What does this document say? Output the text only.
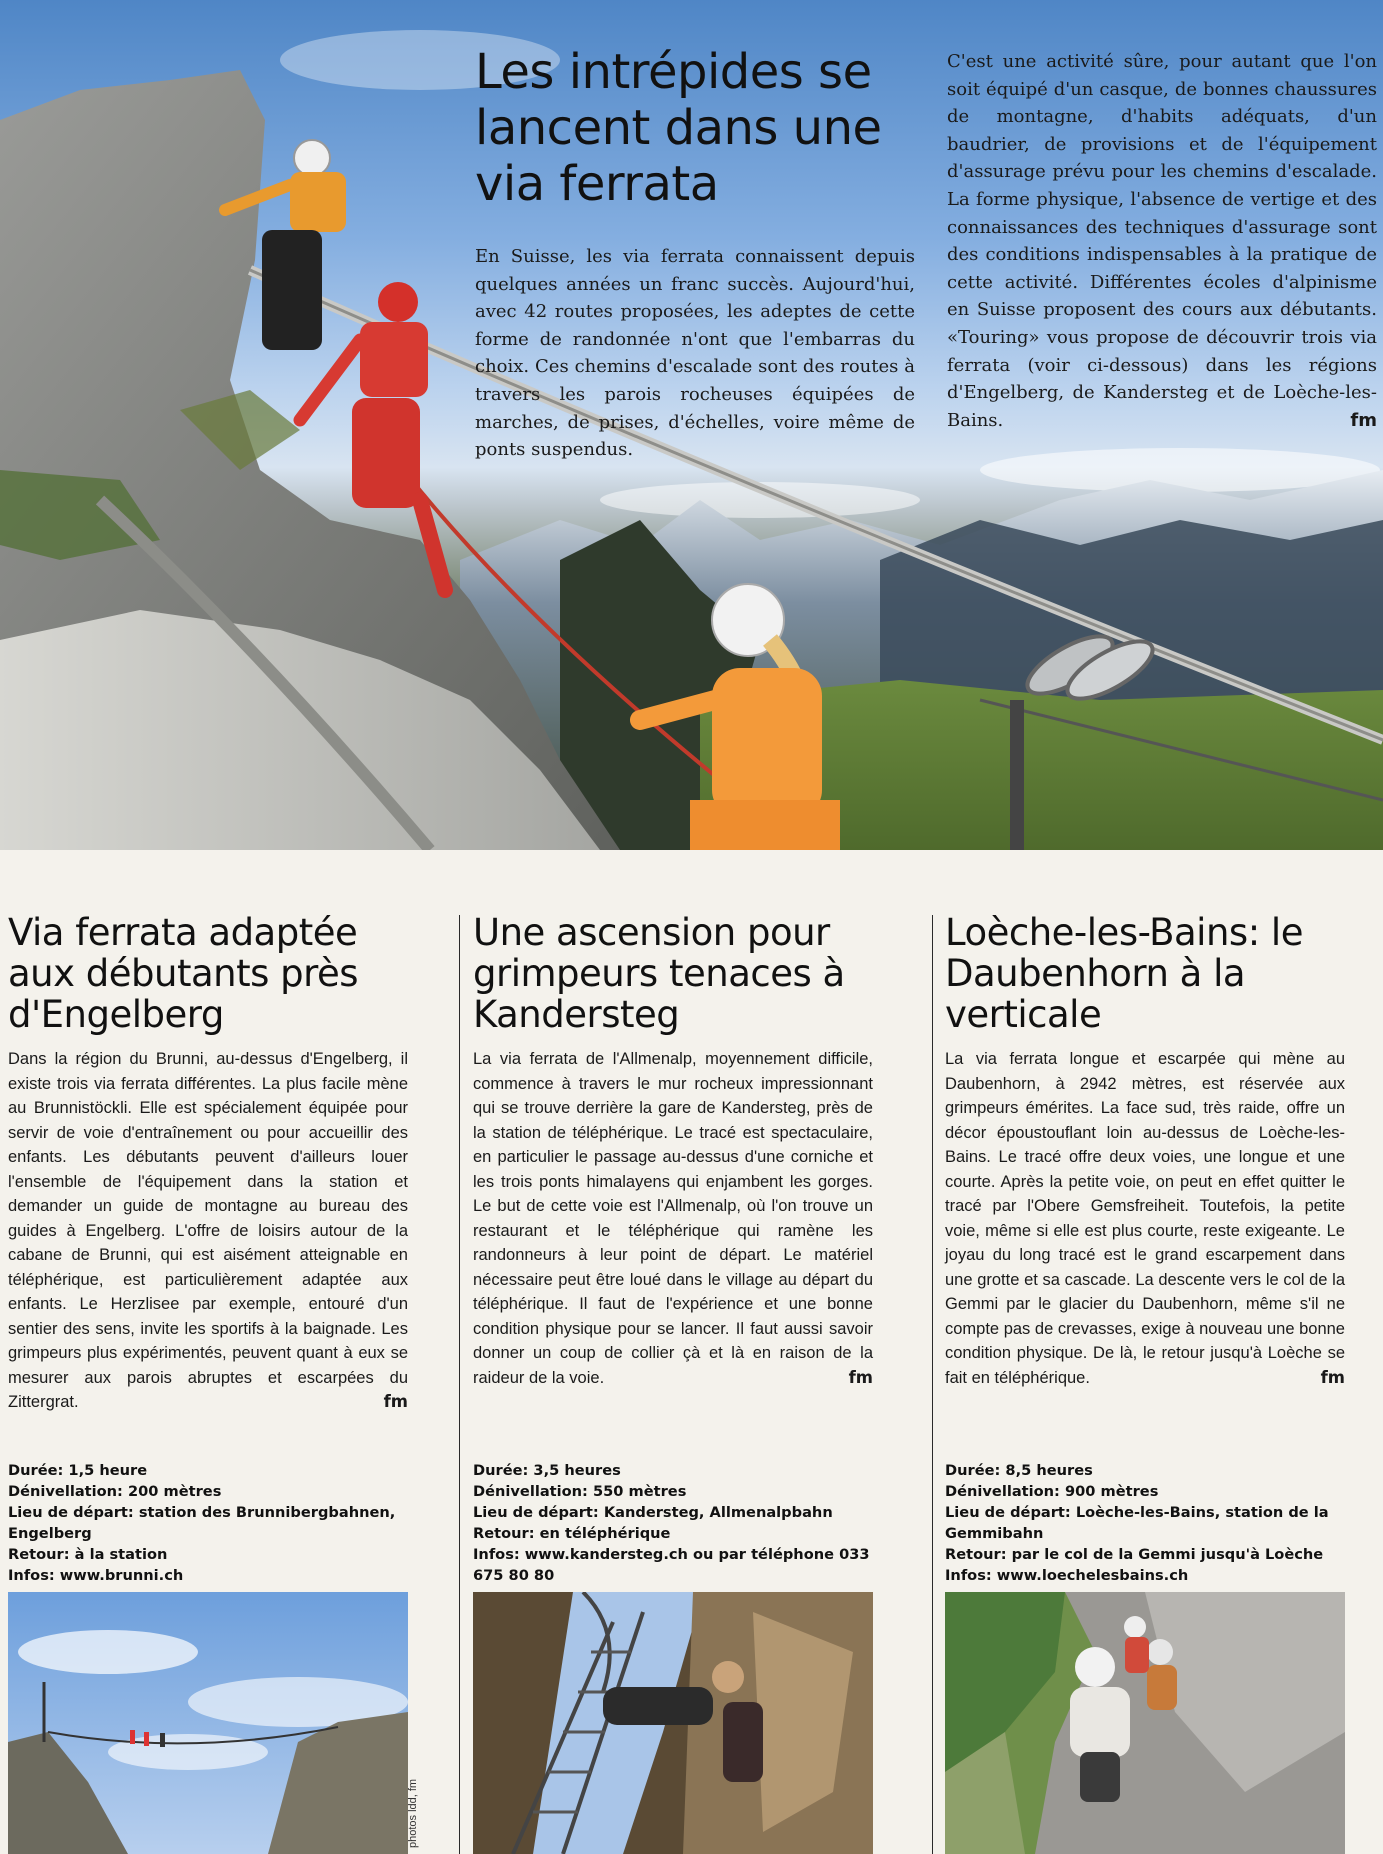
Les intrépides se lancent dans une via ferrata

En Suisse, les via ferrata connaissent depuis quelques années un franc succès. Aujourd'hui, avec 42 routes proposées, les adeptes de cette forme de randonnée n'ont que l'embarras du choix. Ces chemins d'escalade sont des routes à travers les parois rocheuses équipées de marches, de prises, d'échelles, voire même de ponts suspendus.

C'est une activité sûre, pour autant que l'on soit équipé d'un casque, de bonnes chaussures de montagne, d'habits adéquats, d'un baudrier, de provisions et de l'équipement d'assurage prévu pour les chemins d'escalade. La forme physique, l'absence de vertige et des connaissances des techniques d'assurage sont des conditions indispensables à la pratique de cette activité. Différentes écoles d'alpinisme en Suisse proposent des cours aux débutants. «Touring» vous propose de découvrir trois via ferrata (voir ci-dessous) dans les régions d'Engelberg, de Kandersteg et de Loèche-les-Bains.	fm

Via ferrata adaptée aux débutants près d'Engelberg

Dans la région du Brunni, au-dessus d'Engelberg, il existe trois via ferrata différentes. La plus facile mène au Brunnistöckli. Elle est spécialement équipée pour servir de voie d'entraînement ou pour accueillir des enfants. Les débutants peuvent d'ailleurs louer l'ensemble de l'équipement dans la station et demander un guide de montagne au bureau des guides à Engelberg. L'offre de loisirs autour de la cabane de Brunni, qui est aisément atteignable en téléphérique, est particulièrement adaptée aux enfants. Le Herzlisee par exemple, entouré d'un sentier des sens, invite les sportifs à la baignade. Les grimpeurs plus expérimentés, peuvent quant à eux se mesurer aux parois abruptes et escarpées du Zittergrat.	fm

Durée: 1,5 heure
Dénivellation: 200 mètres
Lieu de départ: station des Brunnibergbahnen, Engelberg
Retour: à la station
Infos: www.brunni.ch
Une ascension pour grimpeurs tenaces à Kandersteg

La via ferrata de l'Allmenalp, moyennement difficile, commence à travers le mur rocheux impressionnant qui se trouve derrière la gare de Kandersteg, près de la station de téléphérique. Le tracé est spectaculaire, en particulier le passage au-dessus d'une corniche et les trois ponts himalayens qui enjambent les gorges. Le but de cette voie est l'Allmenalp, où l'on trouve un restaurant et le téléphérique qui ramène les randonneurs à leur point de départ. Le matériel nécessaire peut être loué dans le village au départ du téléphérique. Il faut de l'expérience et une bonne condition physique pour se lancer. Il faut aussi savoir donner un coup de collier çà et là en raison de la raideur de la voie.	fm

Durée: 3,5 heures
Dénivellation: 550 mètres
Lieu de départ: Kandersteg, Allmenalpbahn
Retour: en téléphérique
Infos: www.kandersteg.ch ou par téléphone 033 675 80 80
Loèche-les-Bains: le Daubenhorn à la verticale

La via ferrata longue et escarpée qui mène au Daubenhorn, à 2942 mètres, est réservée aux grimpeurs émérites. La face sud, très raide, offre un décor époustouflant loin au-dessus de Loèche-les-Bains. Le tracé offre deux voies, une longue et une courte. Après la petite voie, on peut en effet quitter le tracé par l'Obere Gemsfreiheit. Toutefois, la petite voie, même si elle est plus courte, reste exigeante. Le joyau du long tracé est le grand escarpement dans une grotte et sa cascade. La descente vers le col de la Gemmi par le glacier du Daubenhorn, même s'il ne compte pas de crevasses, exige à nouveau une bonne condition physique. De là, le retour jusqu'à Loèche se fait en téléphérique.	fm

Durée: 8,5 heures
Dénivellation: 900 mètres
Lieu de départ: Loèche-les-Bains, station de la Gemmibahn
Retour: par le col de la Gemmi jusqu'à Loèche
Infos: www.loechelesbains.ch
photos ldd, fm
